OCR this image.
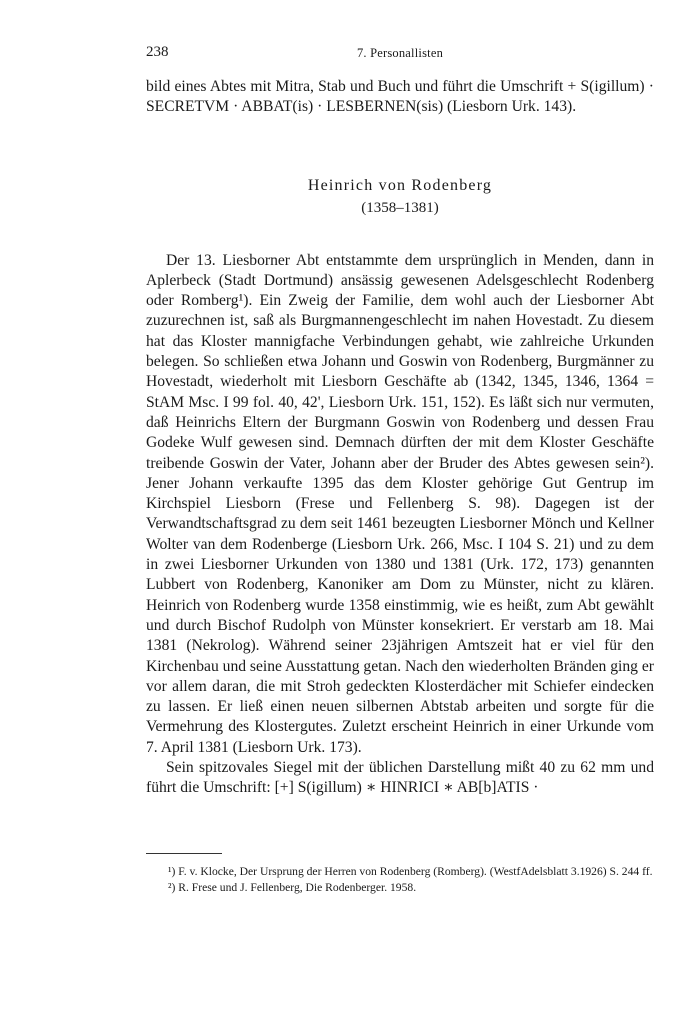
238	7. Personallisten

bild eines Abtes mit Mitra, Stab und Buch und führt die Umschrift + S(igillum) · SECRETVM · ABBAT(is) · LESBERNEN(sis) (Liesborn Urk. 143).

Heinrich von Rodenberg
(1358–1381)

Der 13. Liesborner Abt entstammte dem ursprünglich in Menden, dann in Aplerbeck (Stadt Dortmund) ansässig gewesenen Adelsgeschlecht Rodenberg oder Romberg¹). Ein Zweig der Familie, dem wohl auch der Liesborner Abt zuzurechnen ist, saß als Burgmannengeschlecht im nahen Hovestadt. Zu diesem hat das Kloster mannigfache Verbindungen gehabt, wie zahlreiche Urkunden belegen. So schließen etwa Johann und Goswin von Rodenberg, Burgmänner zu Hovestadt, wiederholt mit Liesborn Geschäfte ab (1342, 1345, 1346, 1364 = StAM Msc. I 99 fol. 40, 42', Liesborn Urk. 151, 152). Es läßt sich nur vermuten, daß Heinrichs Eltern der Burgmann Goswin von Rodenberg und dessen Frau Godeke Wulf gewesen sind. Demnach dürften der mit dem Kloster Geschäfte treibende Goswin der Vater, Johann aber der Bruder des Abtes gewesen sein²). Jener Johann verkaufte 1395 das dem Kloster gehörige Gut Gentrup im Kirchspiel Liesborn (Frese und Fellenberg S. 98). Dagegen ist der Verwandtschaftsgrad zu dem seit 1461 bezeugten Liesborner Mönch und Kellner Wolter van dem Rodenberge (Liesborn Urk. 266, Msc. I 104 S. 21) und zu dem in zwei Liesborner Urkunden von 1380 und 1381 (Urk. 172, 173) genannten Lubbert von Rodenberg, Kanoniker am Dom zu Münster, nicht zu klären. Heinrich von Rodenberg wurde 1358 einstimmig, wie es heißt, zum Abt gewählt und durch Bischof Rudolph von Münster konsekriert. Er verstarb am 18. Mai 1381 (Nekrolog). Während seiner 23jährigen Amtszeit hat er viel für den Kirchenbau und seine Ausstattung getan. Nach den wiederholten Bränden ging er vor allem daran, die mit Stroh gedeckten Klosterdächer mit Schiefer eindecken zu lassen. Er ließ einen neuen silbernen Abtstab arbeiten und sorgte für die Vermehrung des Klostergutes. Zuletzt erscheint Heinrich in einer Urkunde vom 7. April 1381 (Liesborn Urk. 173).

Sein spitzovales Siegel mit der üblichen Darstellung mißt 40 zu 62 mm und führt die Umschrift: [+] S(igillum) ∗ HINRICI ∗ AB[b]ATIS ·

¹) F. v. Klocke, Der Ursprung der Herren von Rodenberg (Romberg). (WestfAdelsblatt 3.1926) S. 244 ff.

²) R. Frese und J. Fellenberg, Die Rodenberger. 1958.
